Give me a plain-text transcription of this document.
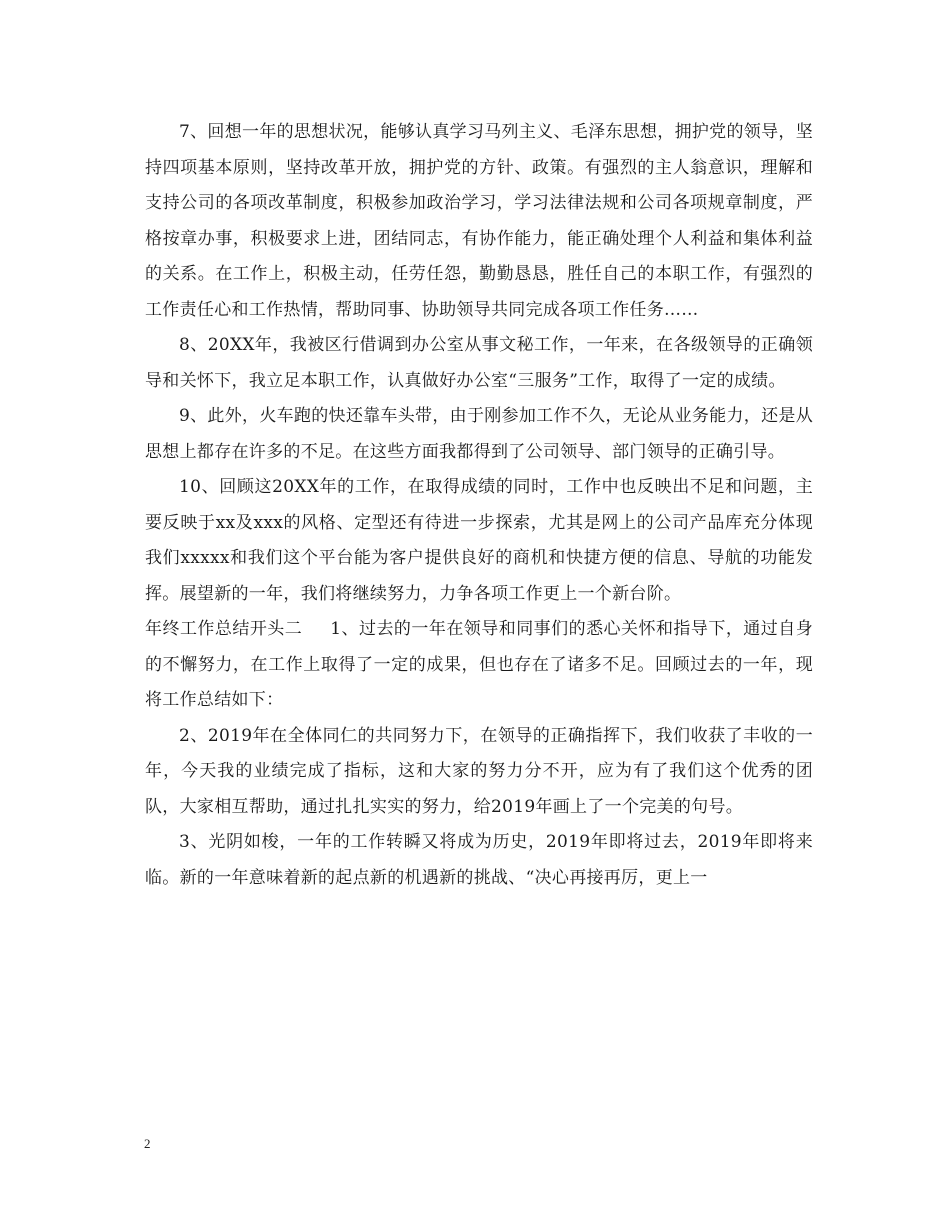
7、回想一年的思想状况，能够认真学习马列主义、毛泽东思想，拥护党的领导，坚持四项基本原则，坚持改革开放，拥护党的方针、政策。有强烈的主人翁意识，理解和支持公司的各项改革制度，积极参加政治学习，学习法律法规和公司各项规章制度，严格按章办事，积极要求上进，团结同志，有协作能力，能正确处理个人利益和集体利益的关系。在工作上，积极主动，任劳任怨，勤勤恳恳，胜任自己的本职工作，有强烈的工作责任心和工作热情，帮助同事、协助领导共同完成各项工作任务……

8、20XX年，我被区行借调到办公室从事文秘工作，一年来，在各级领导的正确领导和关怀下，我立足本职工作，认真做好办公室“三服务”工作，取得了一定的成绩。

9、此外，火车跑的快还靠车头带，由于刚参加工作不久，无论从业务能力，还是从思想上都存在许多的不足。在这些方面我都得到了公司领导、部门领导的正确引导。

10、回顾这20XX年的工作，在取得成绩的同时，工作中也反映出不足和问题，主要反映于xx及xxx的风格、定型还有待进一步探索，尤其是网上的公司产品库充分体现我们xxxxx和我们这个平台能为客户提供良好的商机和快捷方便的信息、导航的功能发挥。展望新的一年，我们将继续努力，力争各项工作更上一个新台阶。

年终工作总结开头二 1、过去的一年在领导和同事们的悉心关怀和指导下，通过自身的不懈努力，在工作上取得了一定的成果，但也存在了诸多不足。回顾过去的一年，现将工作总结如下：

2、2019年在全体同仁的共同努力下，在领导的正确指挥下，我们收获了丰收的一年，今天我的业绩完成了指标，这和大家的努力分不开，应为有了我们这个优秀的团队，大家相互帮助，通过扎扎实实的努力，给2019年画上了一个完美的句号。

3、光阴如梭，一年的工作转瞬又将成为历史，2019年即将过去，2019年即将来临。新的一年意味着新的起点新的机遇新的挑战、“决心再接再厉，更上一

2
